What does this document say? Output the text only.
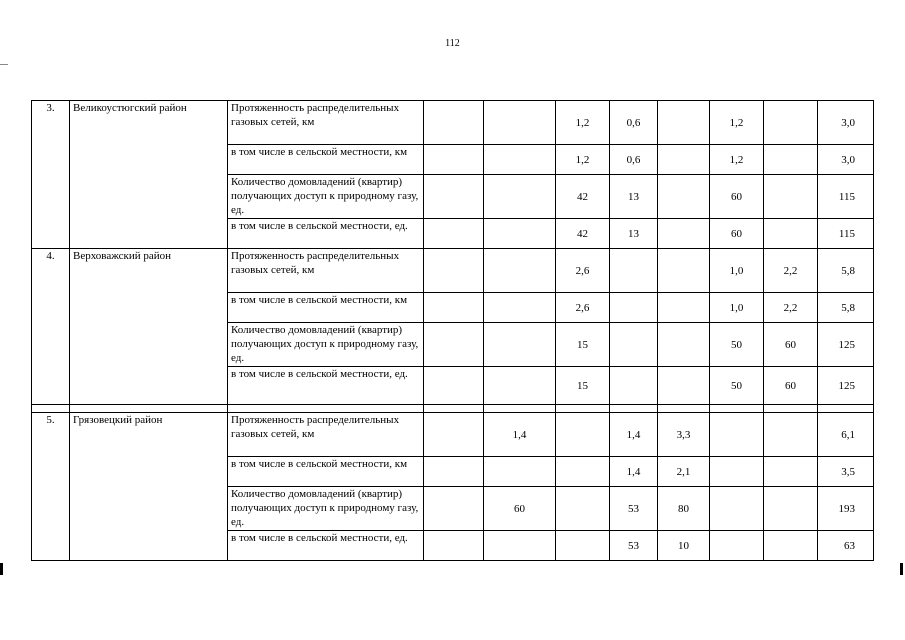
112
3.	Великоустюгский район	Протяженность распределительных газовых сетей, км			1,2	0,6		1,2		3,0
		в том числе в сельской местности, км			1,2	0,6		1,2		3,0
		Количество домовладений (квартир) получающих доступ к природному газу, ед.			42	13		60		115
		в том числе в сельской местности, ед.			42	13		60		115
4.	Верховажский район	Протяженность распределительных газовых сетей, км			2,6			1,0	2,2	5,8
		в том числе в сельской местности, км			2,6			1,0	2,2	5,8
		Количество домовладений (квартир) получающих доступ к природному газу, ед.			15			50	60	125
		в том числе в сельской местности, ед.			15			50	60	125

5.	Грязовецкий район	Протяженность распределительных газовых сетей, км		1,4		1,4	3,3			6,1
		в том числе в сельской местности, км				1,4	2,1			3,5
		Количество домовладений (квартир) получающих доступ к природному газу, ед.		60		53	80			193
		в том числе в сельской местности, ед.				53	10			63
